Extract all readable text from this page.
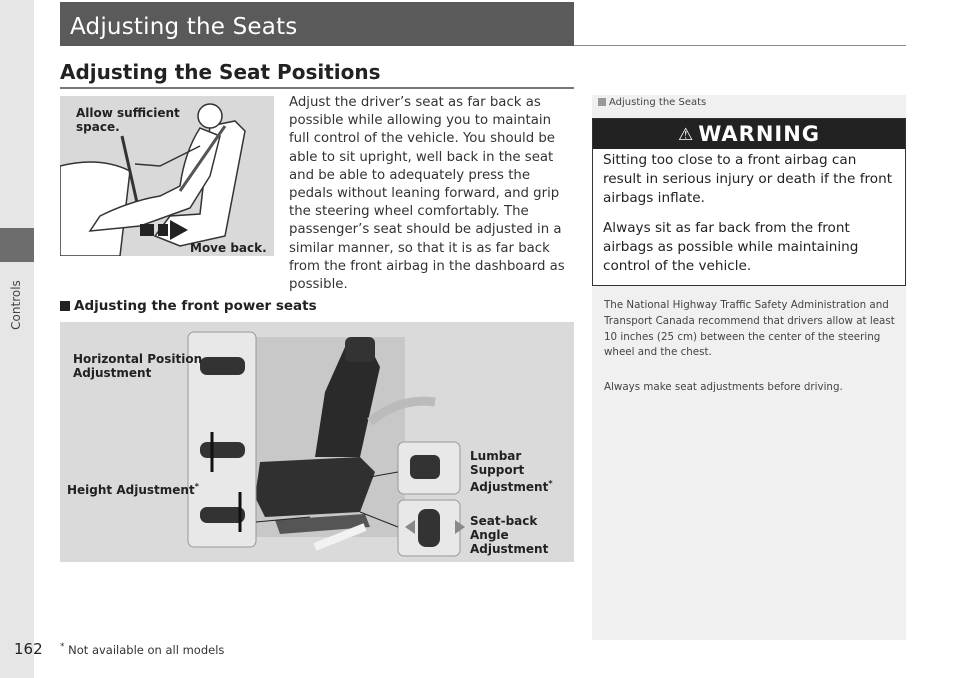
Controls
Adjusting the Seats
Adjusting the Seat Positions
Allow sufficient
space.
Move back.
Adjust the driver’s seat as far back as possible while allowing you to maintain full control of the vehicle. You should be able to sit upright, well back in the seat and be able to adequately press the pedals without leaning forward, and grip the steering wheel comfortably. The passenger’s seat should be adjusted in a similar manner, so that it is as far back from the front airbag in the dashboard as possible.
Adjusting the front power seats
Horizontal Position
Adjustment
Height Adjustment*
Lumbar Support
Adjustment*
Seat-back Angle
Adjustment
Adjusting the Seats
⚠ WARNING
Sitting too close to a front airbag can result in serious injury or death if the front airbags inflate.
Always sit as far back from the front airbags as possible while maintaining control of the vehicle.
The National Highway Traffic Safety Administration and Transport Canada recommend that drivers allow at least 10 inches (25 cm) between the center of the steering wheel and the chest.
Always make seat adjustments before driving.
162 * Not available on all models
